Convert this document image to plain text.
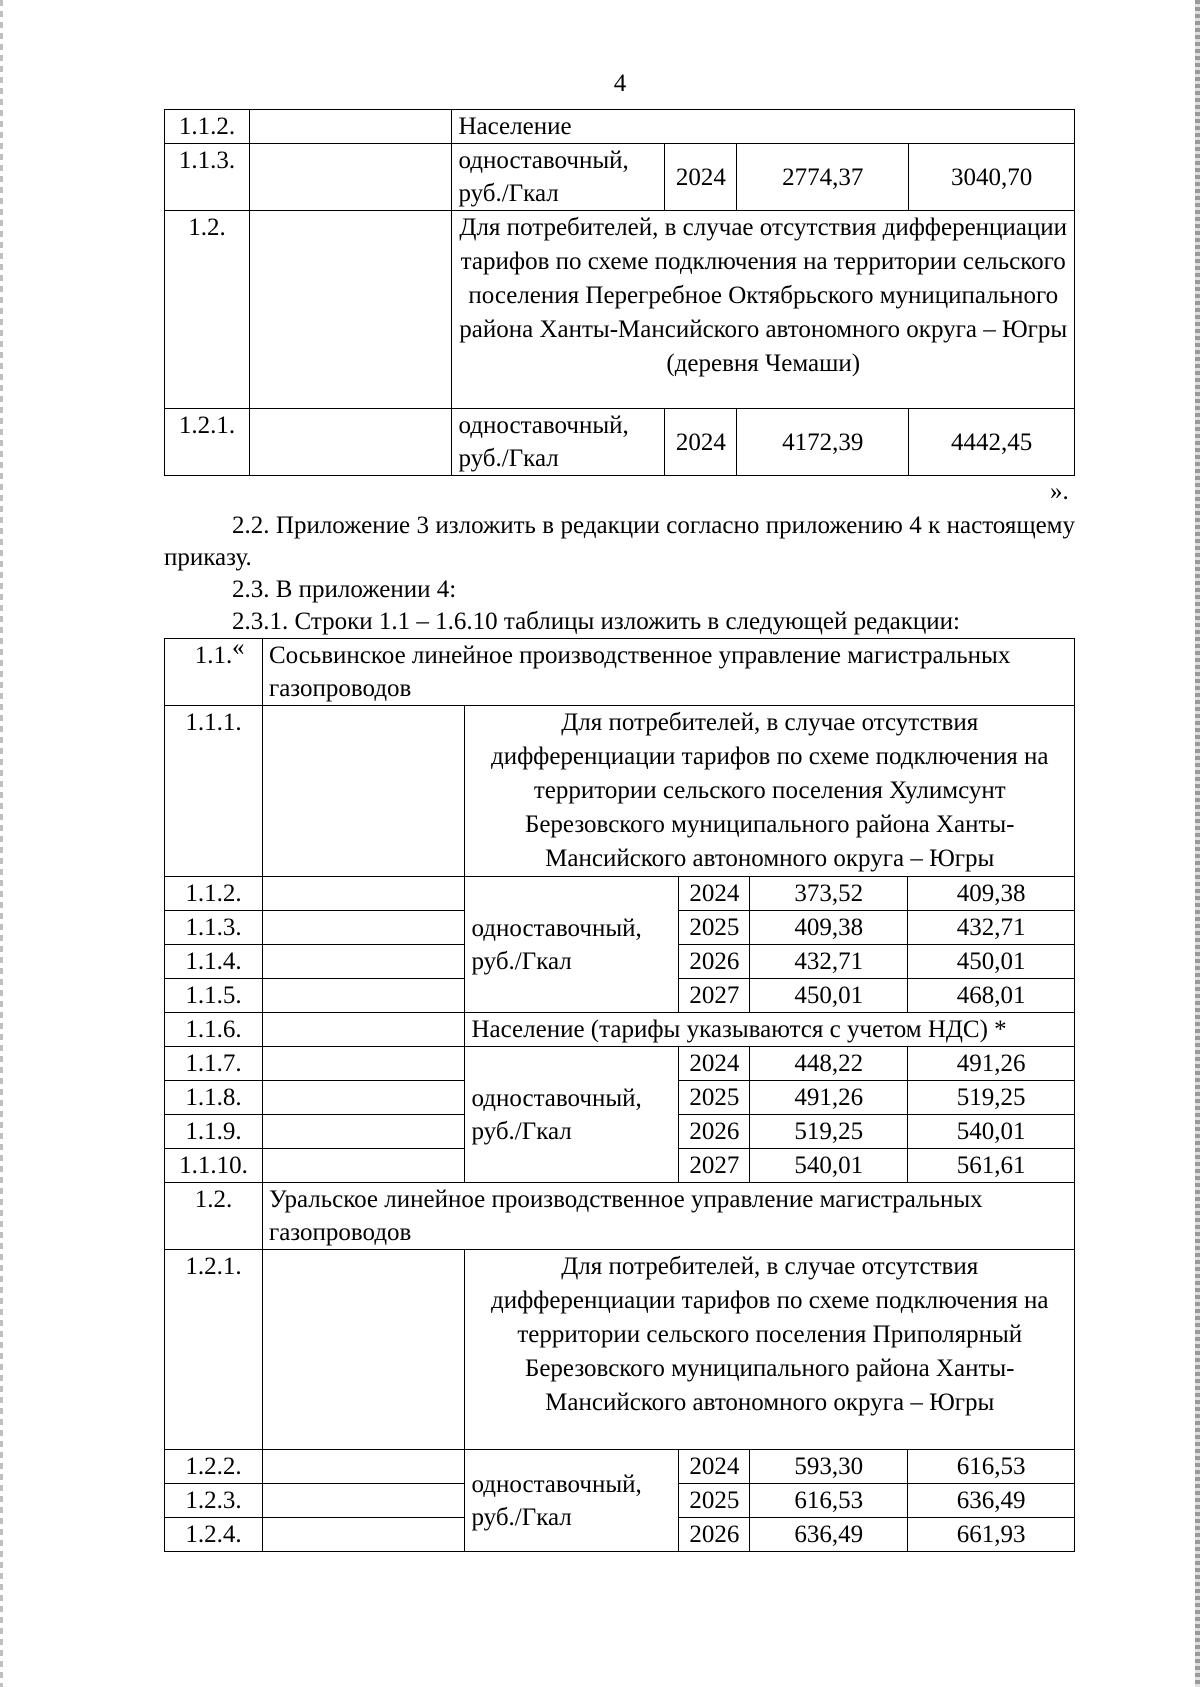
4
1.1.2.		Население			
1.1.3.		одноставочный, руб./Гкал	2024	2774,37	3040,70
1.2.		Для потребителей, в случае отсутствия дифференциации тарифов по схеме подключения на территории сельского поселения Перегребное Октябрьского муниципального района Ханты-Мансийского автономного округа – Югры (деревня Чемаши)			
1.2.1.		одноставочный, руб./Гкал	2024	4172,39	4442,45
».
2.2. Приложение 3 изложить в редакции согласно приложению 4 к настоящему приказу.
2.3. В приложении 4:
2.3.1. Строки 1.1 – 1.6.10 таблицы изложить в следующей редакции:
«
1.1.	Сосьвинское линейное производственное управление магистральных газопроводов				
1.1.1.		Для потребителей, в случае отсутствия дифференциации тарифов по схеме подключения на территории сельского поселения Хулимсунт Березовского муниципального района Ханты-Мансийского автономного округа – Югры			
1.1.2.		одноставочный, руб./Гкал	2024	373,52	409,38
1.1.3.			2025	409,38	432,71
1.1.4.			2026	432,71	450,01
1.1.5.			2027	450,01	468,01
1.1.6.		Население (тарифы указываются с учетом НДС) *			
1.1.7.		одноставочный, руб./Гкал	2024	448,22	491,26
1.1.8.			2025	491,26	519,25
1.1.9.			2026	519,25	540,01
1.1.10.			2027	540,01	561,61
1.2.	Уральское линейное производственное управление магистральных газопроводов				
1.2.1.		Для потребителей, в случае отсутствия дифференциации тарифов по схеме подключения на территории сельского поселения Приполярный Березовского муниципального района Ханты-Мансийского автономного округа – Югры			
1.2.2.		одноставочный, руб./Гкал	2024	593,30	616,53
1.2.3.			2025	616,53	636,49
1.2.4.			2026	636,49	661,93
